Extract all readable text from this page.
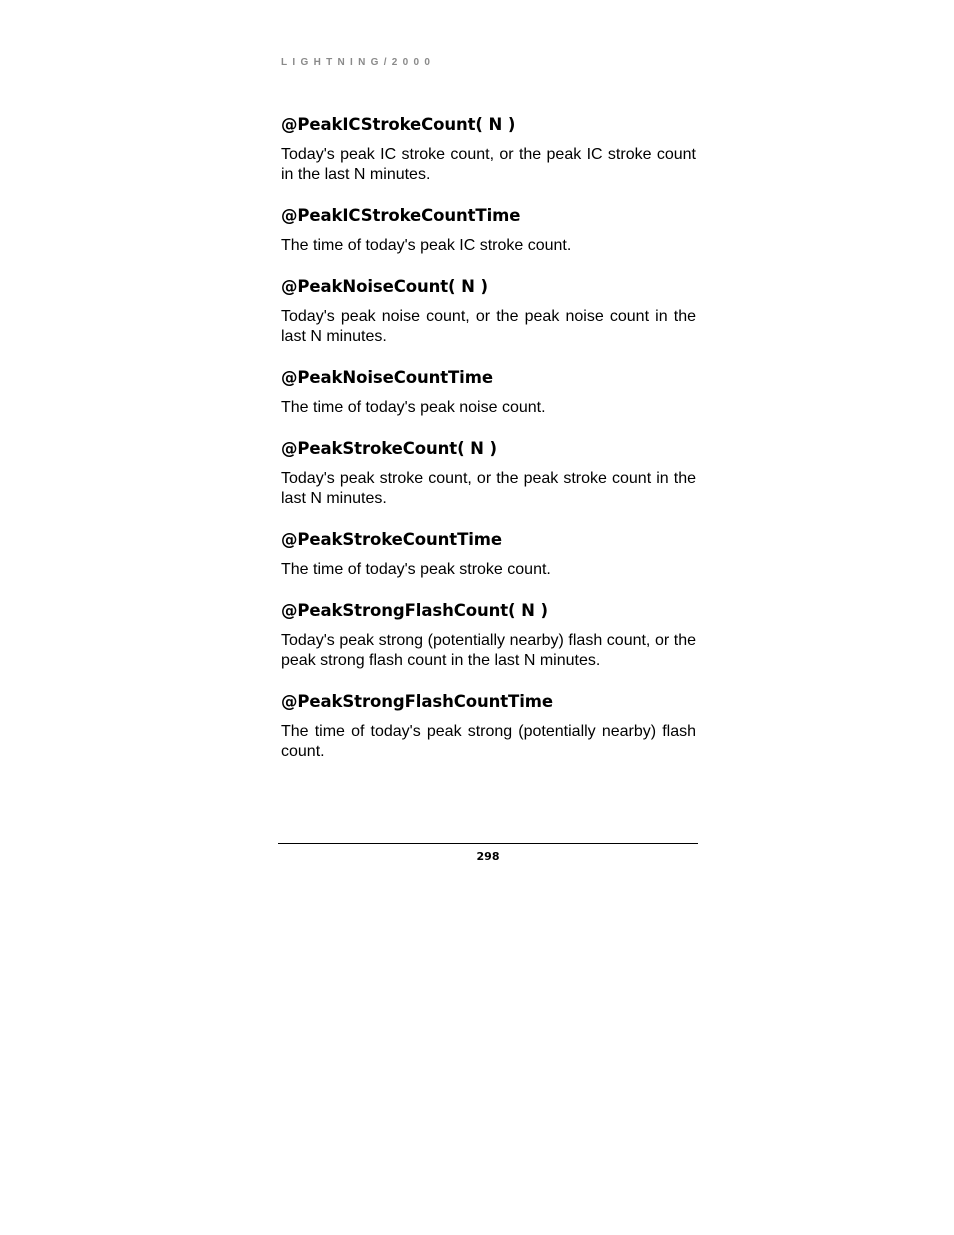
LIGHTNING/2000

@PeakICStrokeCount( N )

Today's peak IC stroke count, or the peak IC stroke count in the last N minutes.

@PeakICStrokeCountTime

The time of today's peak IC stroke count.

@PeakNoiseCount( N )

Today's peak noise count, or the peak noise count in the last N minutes.

@PeakNoiseCountTime

The time of today's peak noise count.

@PeakStrokeCount( N )

Today's peak stroke count, or the peak stroke count in the last N minutes.

@PeakStrokeCountTime

The time of today's peak stroke count.

@PeakStrongFlashCount( N )

Today's peak strong (potentially nearby) flash count, or the peak strong flash count in the last N minutes.

@PeakStrongFlashCountTime

The time of today's peak strong (potentially nearby) flash count.

298
